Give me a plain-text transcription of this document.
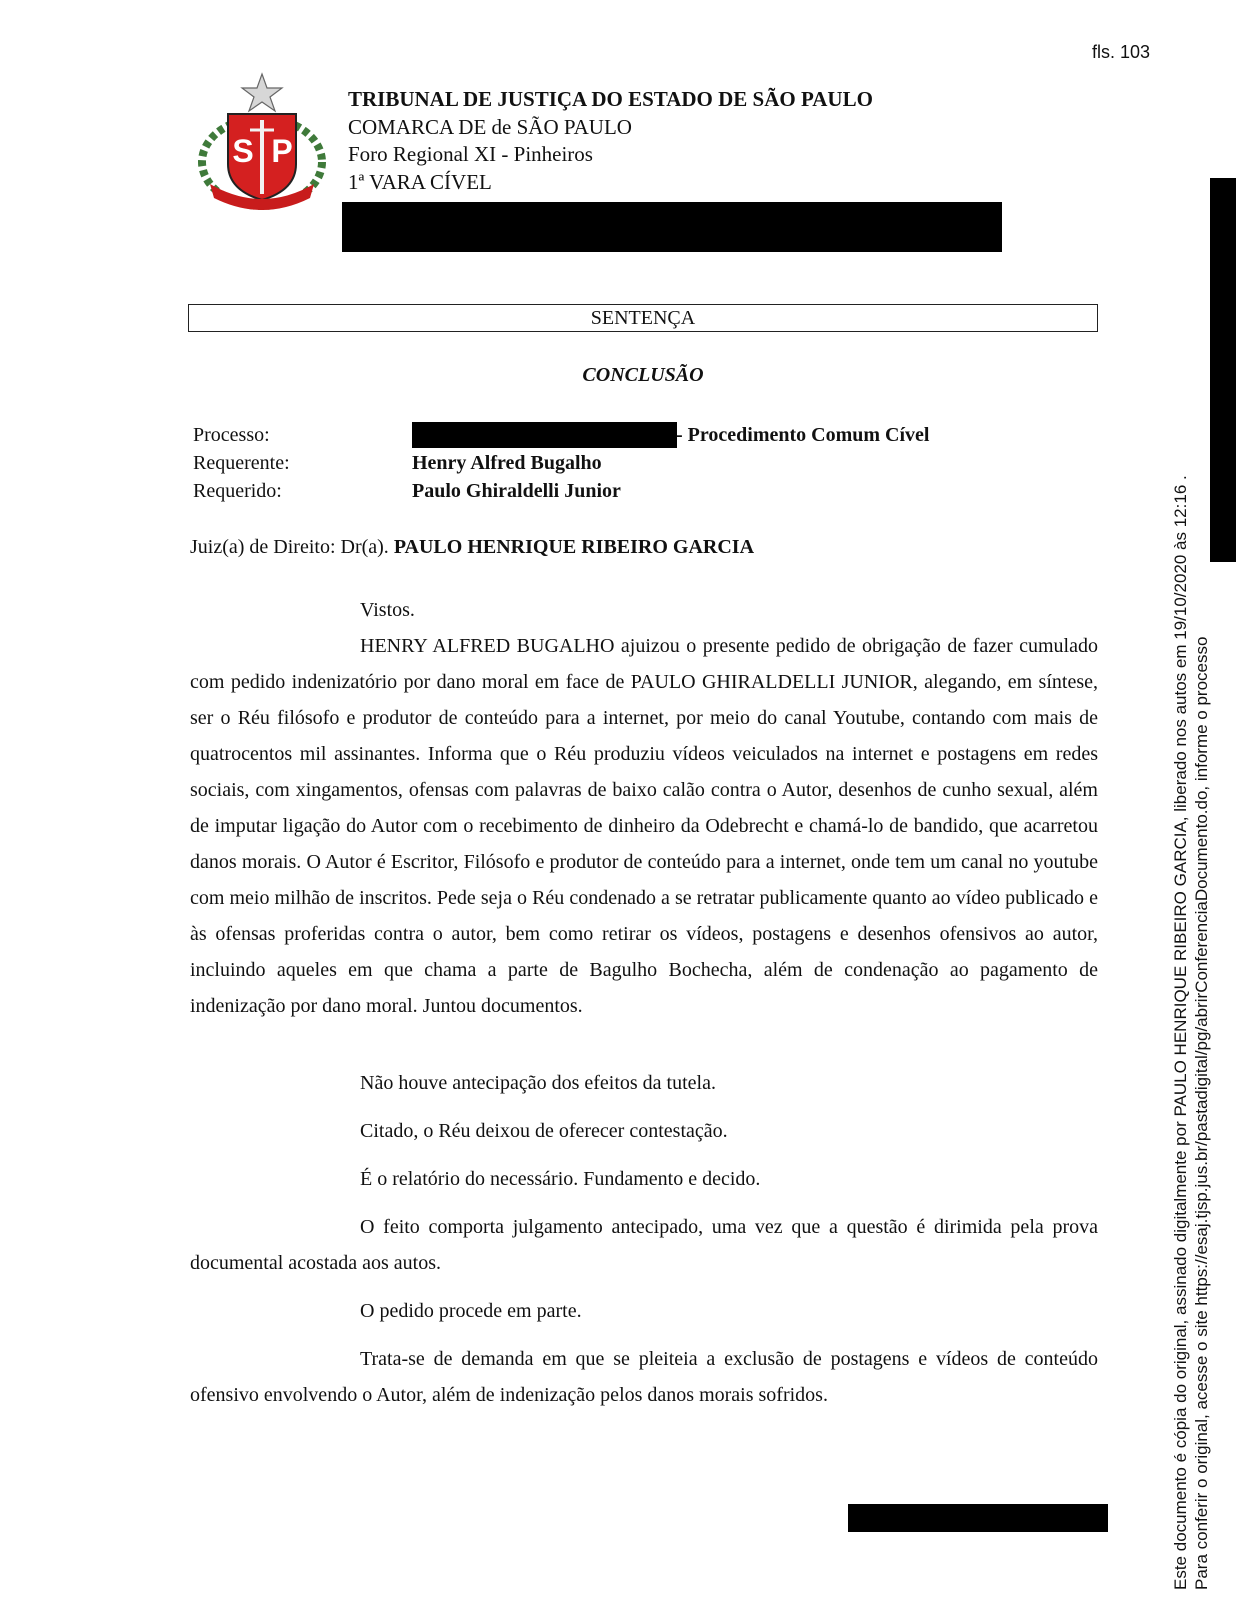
fls. 103
S P
TRIBUNAL DE JUSTIÇA DO ESTADO DE SÃO PAULO
COMARCA DE de SÃO PAULO
Foro Regional XI - Pinheiros
1ª VARA CÍVEL
SENTENÇA
CONCLUSÃO
Processo:	- Procedimento Comum Cível
Requerente:	Henry Alfred Bugalho
Requerido:	Paulo Ghiraldelli Junior
Juiz(a) de Direito: Dr(a). PAULO HENRIQUE RIBEIRO GARCIA
Vistos.
HENRY ALFRED BUGALHO ajuizou o presente pedido de obrigação de fazer cumulado com pedido indenizatório por dano moral em face de PAULO GHIRALDELLI JUNIOR, alegando, em síntese, ser o Réu filósofo e produtor de conteúdo para a internet, por meio do canal Youtube, contando com mais de quatrocentos mil assinantes. Informa que o Réu produziu vídeos veiculados na internet e postagens em redes sociais, com xingamentos, ofensas com palavras de baixo calão contra o Autor, desenhos de cunho sexual, além de imputar ligação do Autor com o recebimento de dinheiro da Odebrecht e chamá-lo de bandido, que acarretou danos morais. O Autor é Escritor, Filósofo e produtor de conteúdo para a internet, onde tem um canal no youtube com meio milhão de inscritos. Pede seja o Réu condenado a se retratar publicamente quanto ao vídeo publicado e às ofensas proferidas contra o autor, bem como retirar os vídeos, postagens e desenhos ofensivos ao autor, incluindo aqueles em que chama a parte de Bagulho Bochecha, além de condenação ao pagamento de indenização por dano moral. Juntou documentos.
Não houve antecipação dos efeitos da tutela.
Citado, o Réu deixou de oferecer contestação.
É o relatório do necessário. Fundamento e decido.
O feito comporta julgamento antecipado, uma vez que a questão é dirimida pela prova documental acostada aos autos.
O pedido procede em parte.
Trata-se de demanda em que se pleiteia a exclusão de postagens e vídeos de conteúdo ofensivo envolvendo o Autor, além de indenização pelos danos morais sofridos.	Este documento é cópia do original, assinado digitalmente por PAULO HENRIQUE RIBEIRO GARCIA, liberado nos autos em 19/10/2020 às 12:16 . Para conferir o original, acesse o site https://esaj.tjsp.jus.br/pastadigital/pg/abrirConferenciaDocumento.do, informe o processo
